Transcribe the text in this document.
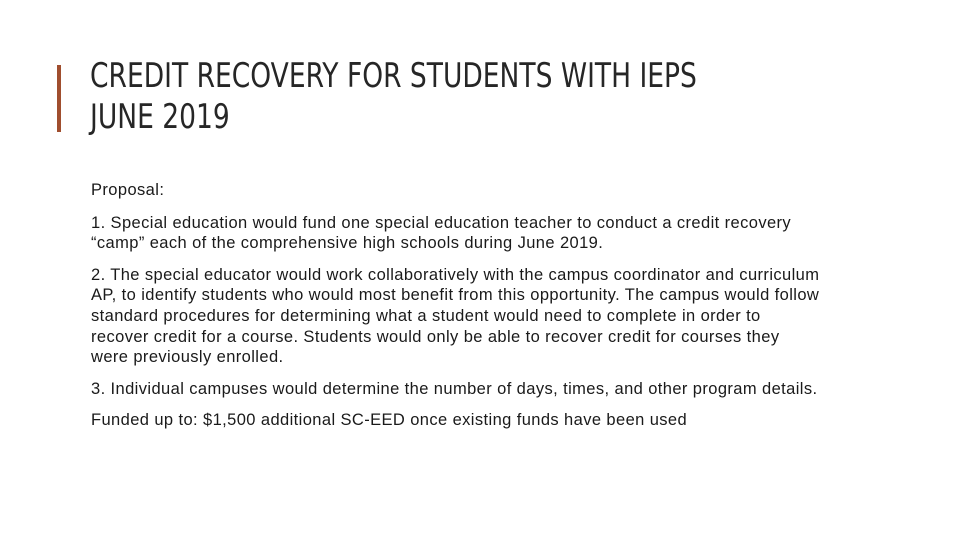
CREDIT RECOVERY FOR STUDENTS WITH IEPS
JUNE 2019

Proposal:

1. Special education would fund one special education teacher to conduct a credit recovery “camp” each of the comprehensive high schools during June 2019.

2. The special educator would work collaboratively with the campus coordinator and curriculum AP, to identify students who would most benefit from this opportunity. The campus would follow standard procedures for determining what a student would need to complete in order to recover credit for a course. Students would only be able to recover credit for courses they were previously enrolled.

3. Individual campuses would determine the number of days, times, and other program details.

Funded up to: $1,500 additional SC-EED once existing funds have been used
